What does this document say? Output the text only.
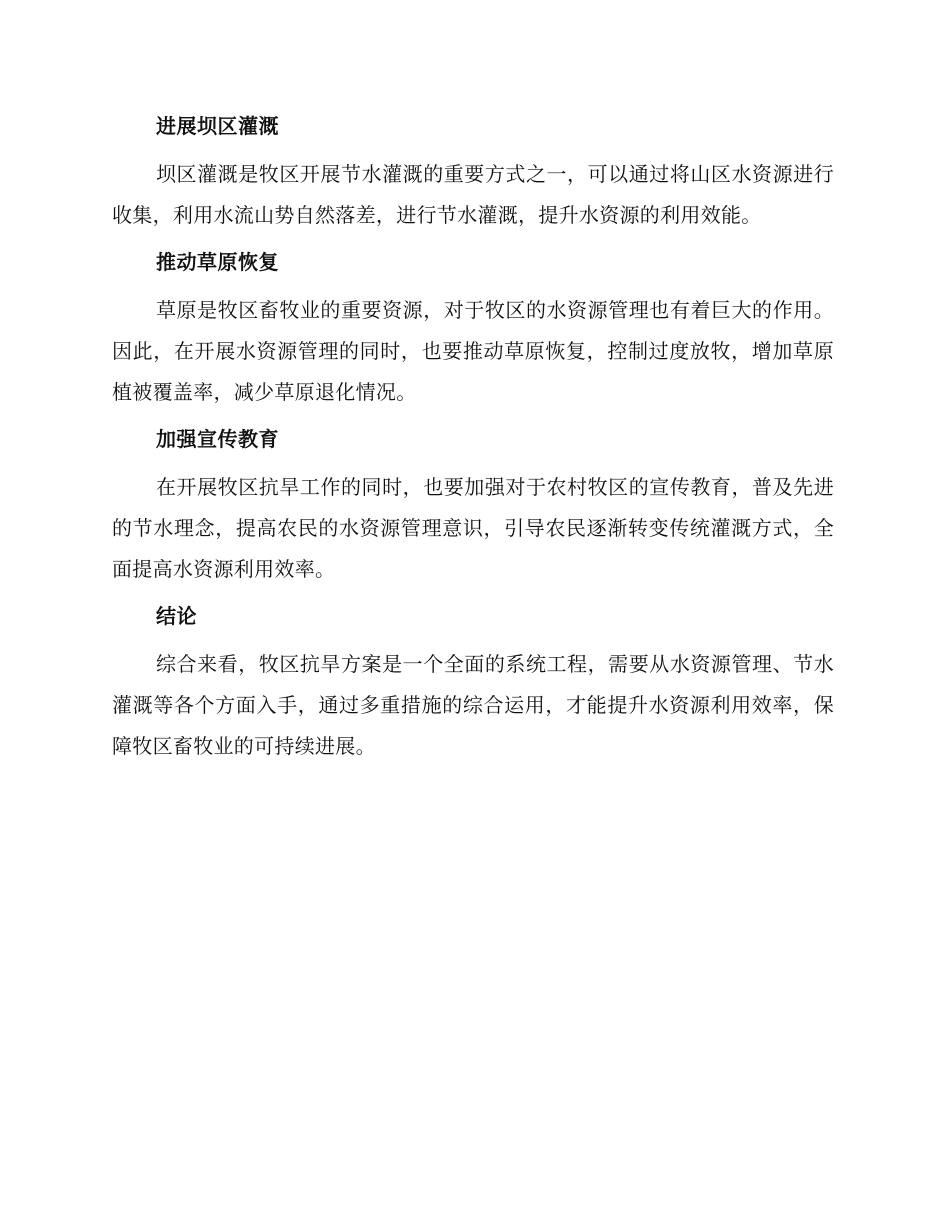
进展坝区灌溉

坝区灌溉是牧区开展节水灌溉的重要方式之一，可以通过将山区水资源进行收集，利用水流山势自然落差，进行节水灌溉，提升水资源的利用效能。

推动草原恢复

草原是牧区畜牧业的重要资源，对于牧区的水资源管理也有着巨大的作用。因此，在开展水资源管理的同时，也要推动草原恢复，控制过度放牧，增加草原植被覆盖率，减少草原退化情况。

加强宣传教育

在开展牧区抗旱工作的同时，也要加强对于农村牧区的宣传教育，普及先进的节水理念，提高农民的水资源管理意识，引导农民逐渐转变传统灌溉方式，全面提高水资源利用效率。

结论

综合来看，牧区抗旱方案是一个全面的系统工程，需要从水资源管理、节水灌溉等各个方面入手，通过多重措施的综合运用，才能提升水资源利用效率，保障牧区畜牧业的可持续进展。
